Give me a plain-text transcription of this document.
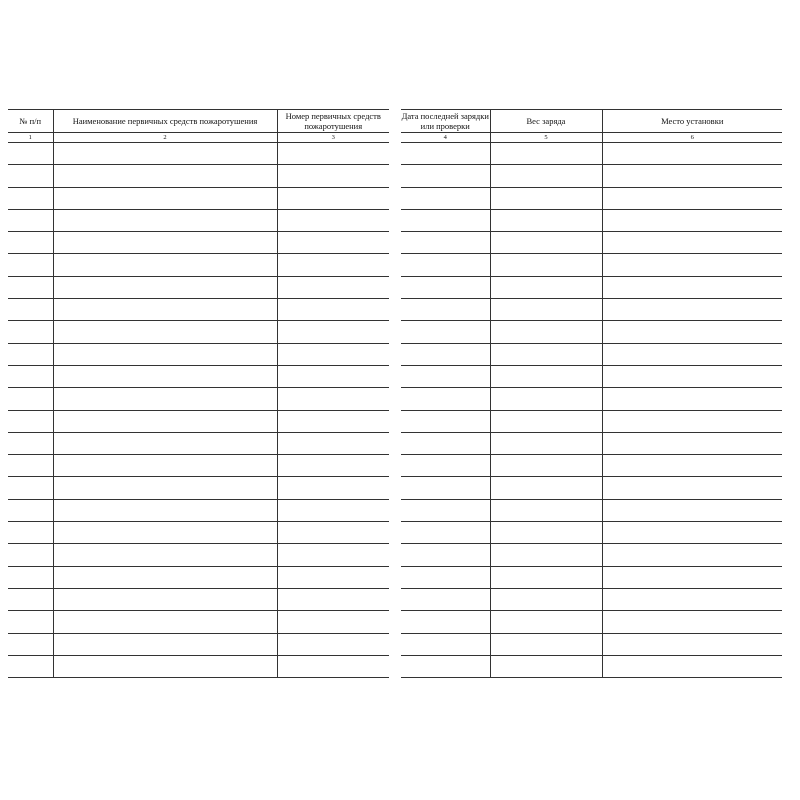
№ п/п	Наименование первичных средств пожаротушения	Номер первичных средств пожаротушения
1	2	3

Дата последней зарядки или проверки	Вес заряда	Место установки
4	5	6
